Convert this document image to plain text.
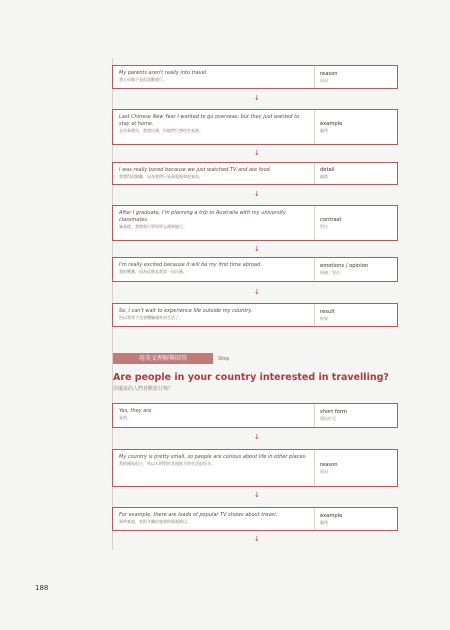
My parents aren't really into travel.
我父母親不是很喜歡旅行。
reason
原因
↓
Last Chinese New Year I wanted to go overseas, but they just wanted to stay at home.
去年新曆年，我想出國，但他們只想待在家裡。
example
範例
↓
I was really bored because we just watched TV and ate food.
我覺得很無聊，因為我們只是看電視和吃東西。
detail
細節
↓
After I graduate, I'm planning a trip to Australia with my university classmates.
畢業後，我將與大學同學去澳洲旅行。
contrast
對比
↓
I'm really excited because it will be my first time abroad.
我很興奮，因為這將是我第一次出國。
emotions / opinion
情緒／想法
↓
So, I can't wait to experience life outside my country.
所以我等不及要體驗國外的生活了。
result
結果
用英文理解與回答	Step
Are people in your country interested in travelling?
你國家的人們喜歡旅行嗎？
Yes, they are.
是的。
short form
簡短形式
↓
My country is pretty small, so people are curious about life in other places.
我的國家很小，所以人們對於其他地方的生活很好奇。	reason
原因
↓
For example, there are loads of popular TV shows about travel.
舉例來說，有很多關於旅遊的電視節目。
example
範例
↓
188
